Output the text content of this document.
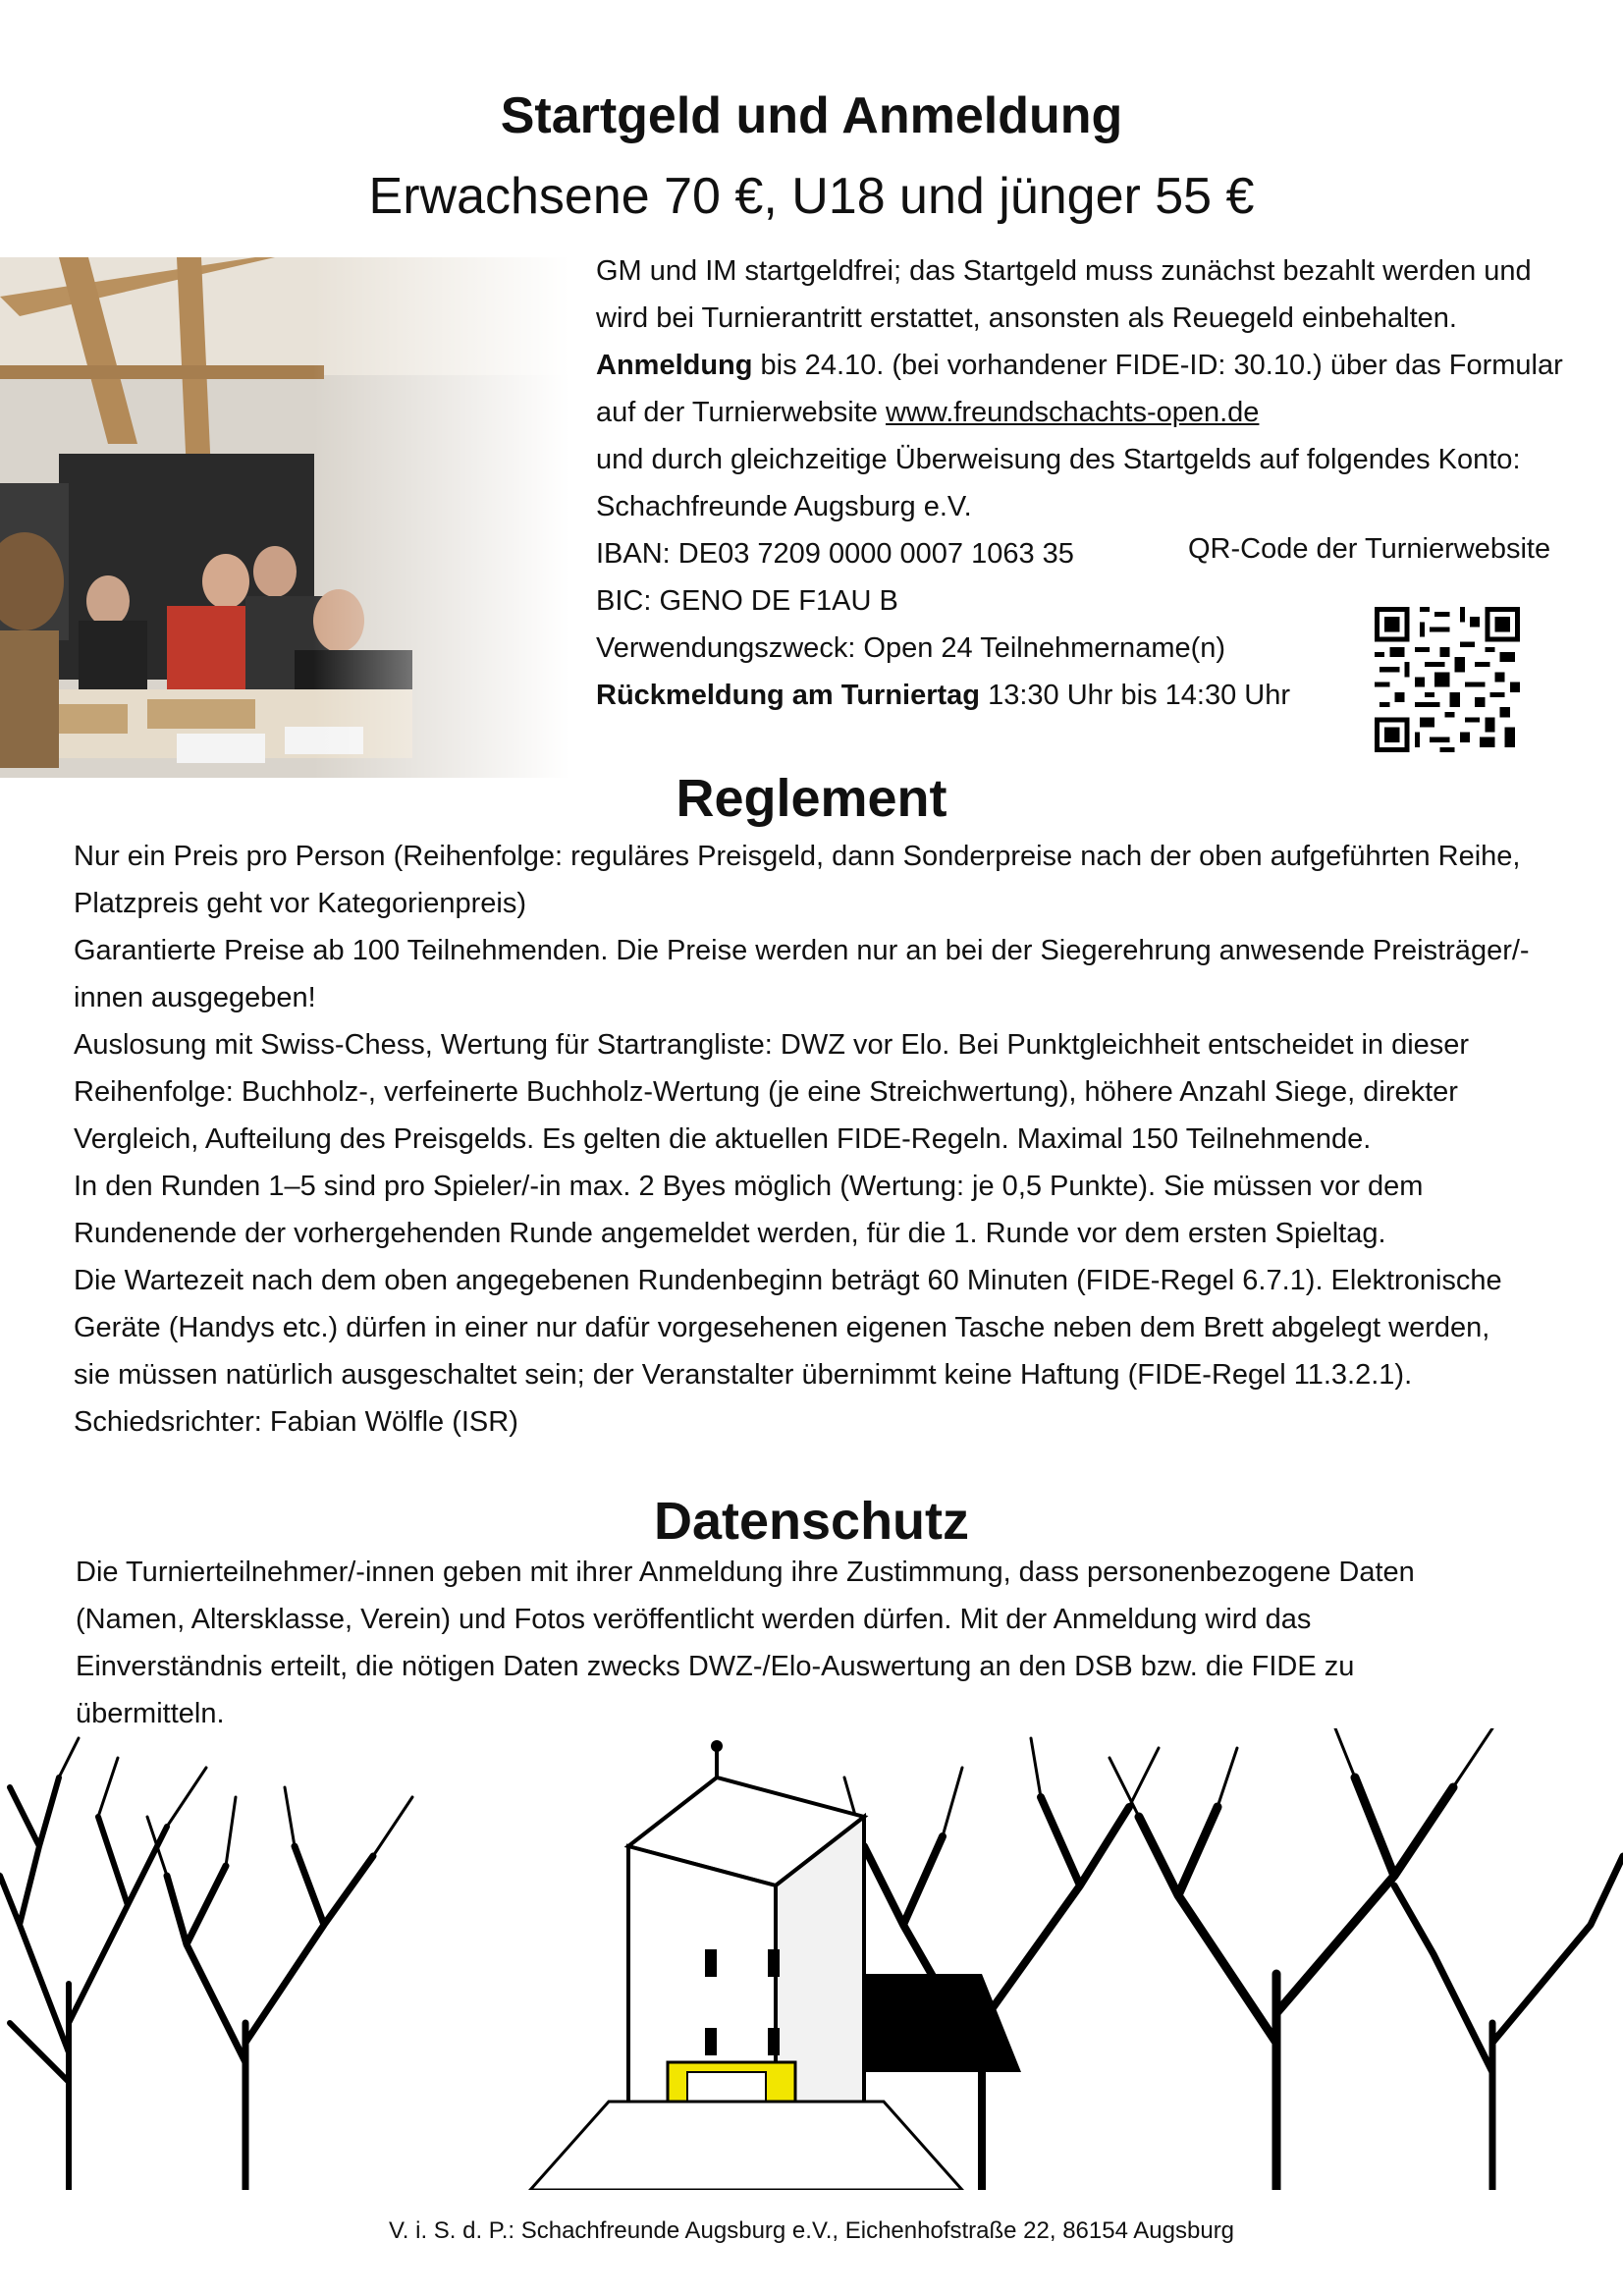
Startgeld und Anmeldung
Erwachsene 70 €, U18 und jünger 55 €
GM und IM startgeldfrei; das Startgeld muss zunächst bezahlt werden und
wird bei Turnierantritt erstattet, ansonsten als Reuegeld einbehalten.
Anmeldung bis 24.10. (bei vorhandener FIDE-ID: 30.10.) über das Formular
auf der Turnierwebsite www.freundschachts-open.de
und durch gleichzeitige Überweisung des Startgelds auf folgendes Konto:
Schachfreunde Augsburg e.V.
IBAN: DE03 7209 0000 0007 1063 35
BIC: GENO DE F1AU B
Verwendungszweck: Open 24 Teilnehmername(n)
Rückmeldung am Turniertag 13:30 Uhr bis 14:30 Uhr
QR-Code der Turnierwebsite
Reglement
Nur ein Preis pro Person (Reihenfolge: reguläres Preisgeld, dann Sonderpreise nach der oben aufgeführten Reihe,
Platzpreis geht vor Kategorienpreis)
Garantierte Preise ab 100 Teilnehmenden. Die Preise werden nur an bei der Siegerehrung anwesende Preisträger/-
innen ausgegeben!
Auslosung mit Swiss-Chess, Wertung für Startrangliste: DWZ vor Elo. Bei Punktgleichheit entscheidet in dieser
Reihenfolge: Buchholz-, verfeinerte Buchholz-Wertung (je eine Streichwertung), höhere Anzahl Siege, direkter
Vergleich, Aufteilung des Preisgelds. Es gelten die aktuellen FIDE-Regeln. Maximal 150 Teilnehmende.
In den Runden 1–5 sind pro Spieler/-in max. 2 Byes möglich (Wertung: je 0,5 Punkte). Sie müssen vor dem
Rundenende der vorhergehenden Runde angemeldet werden, für die 1. Runde vor dem ersten Spieltag.
Die Wartezeit nach dem oben angegebenen Rundenbeginn beträgt 60 Minuten (FIDE-Regel 6.7.1). Elektronische
Geräte (Handys etc.) dürfen in einer nur dafür vorgesehenen eigenen Tasche neben dem Brett abgelegt werden,
sie müssen natürlich ausgeschaltet sein; der Veranstalter übernimmt keine Haftung (FIDE-Regel 11.3.2.1).
Schiedsrichter: Fabian Wölfle (ISR)
Datenschutz
Die Turnierteilnehmer/-innen geben mit ihrer Anmeldung ihre Zustimmung, dass personenbezogene Daten
(Namen, Altersklasse, Verein) und Fotos veröffentlicht werden dürfen. Mit der Anmeldung wird das
Einverständnis erteilt, die nötigen Daten zwecks DWZ-/Elo-Auswertung an den DSB bzw. die FIDE zu
übermitteln.
V. i. S. d. P.: Schachfreunde Augsburg e.V., Eichenhofstraße 22, 86154 Augsburg
